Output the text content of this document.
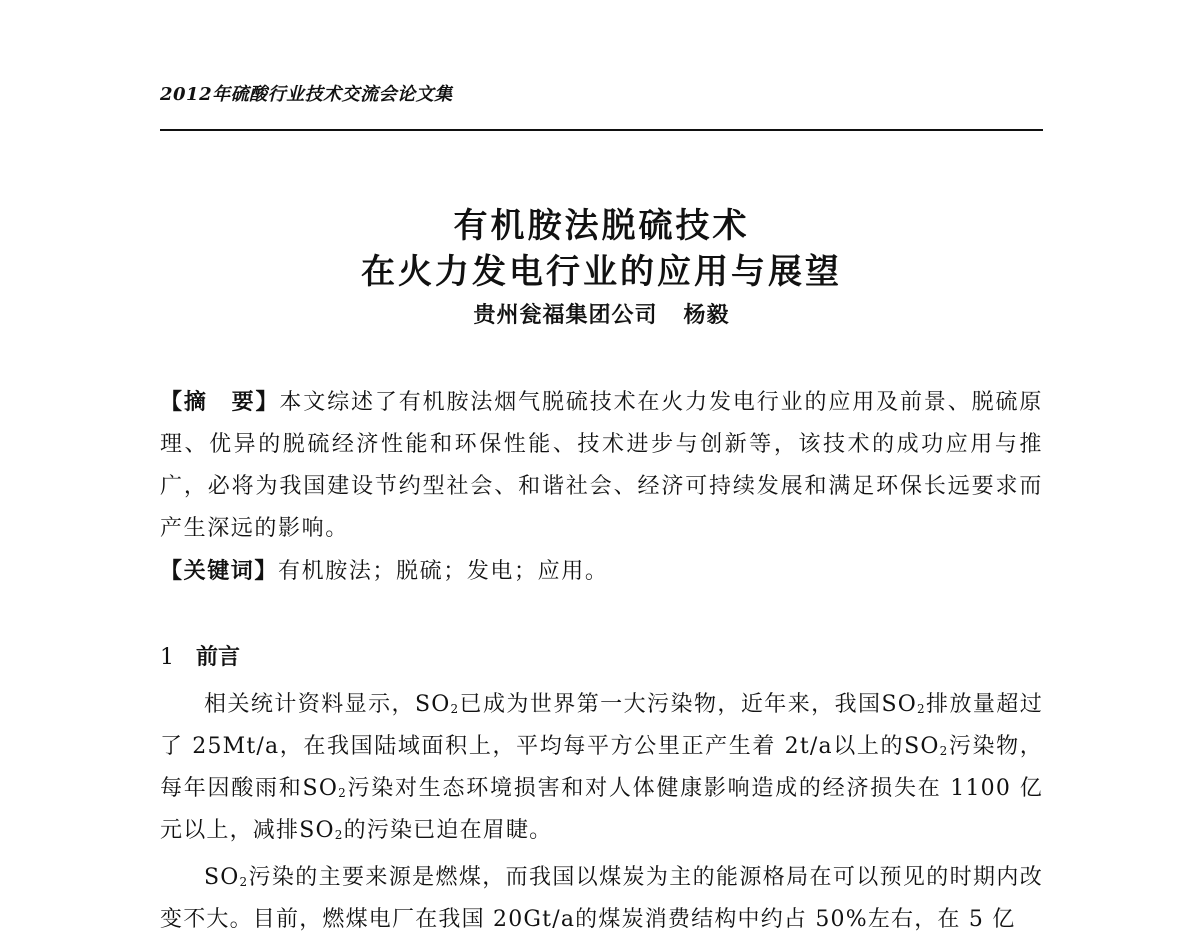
2012年硫酸行业技术交流会论文集
有机胺法脱硫技术
在火力发电行业的应用与展望
贵州瓮福集团公司 杨毅

【摘　要】本文综述了有机胺法烟气脱硫技术在火力发电行业的应用及前景、脱硫原理、优异的脱硫经济性能和环保性能、技术进步与创新等，该技术的成功应用与推广，必将为我国建设节约型社会、和谐社会、经济可持续发展和满足环保长远要求而产生深远的影响。

【关键词】有机胺法；脱硫；发电；应用。

1 前言

相关统计资料显示，$SO_2$已成为世界第一大污染物，近年来，我国$SO_2$排放量超过了 25Mt/a，在我国陆域面积上，平均每平方公里正产生着 2t/a以上的$SO_2$污染物，每年因酸雨和$SO_2$污染对生态环境损害和对人体健康影响造成的经济损失在 1100 亿元以上，减排$SO_2$的污染已迫在眉睫。

$SO_2$污染的主要来源是燃煤，而我国以煤炭为主的能源格局在可以预见的时期内改变不大。目前，燃煤电厂在我国 20Gt/a的煤炭消费结构中约占 50%左右，在 5 亿
